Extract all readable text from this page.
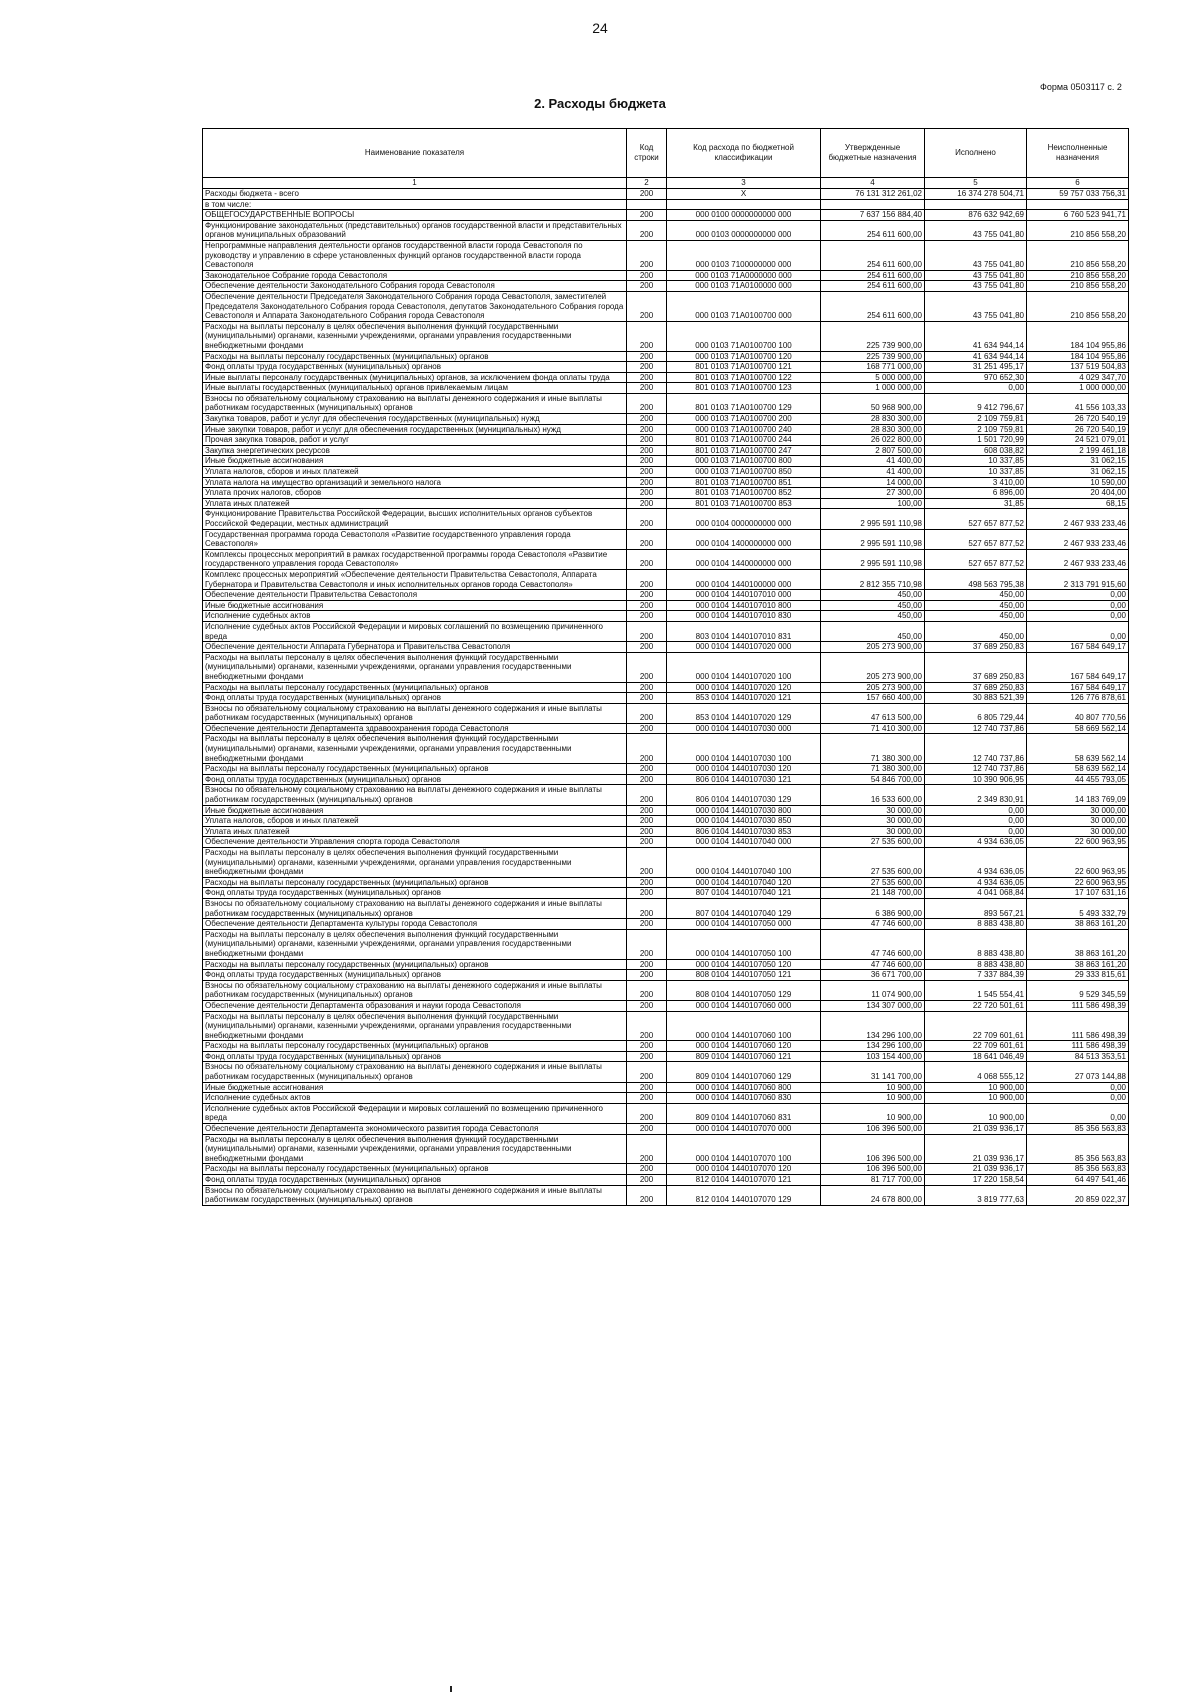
24
Форма 0503117 с. 2
2. Расходы бюджета
Наименование показателя	Код строки	Код расхода по бюджетной классификации	Утвержденные бюджетные назначения	Исполнено	Неисполненные назначения
1	2	3	4	5	6
Расходы бюджета - всего	200	X	76 131 312 261,02	16 374 278 504,71	59 757 033 756,31
в том числе:					
ОБЩЕГОСУДАРСТВЕННЫЕ ВОПРОСЫ	200	000 0100 0000000000 000	7 637 156 884,40	876 632 942,69	6 760 523 941,71
Функционирование законодательных (представительных) органов государственной власти и представительных органов муниципальных образований	200	000 0103 0000000000 000	254 611 600,00	43 755 041,80	210 856 558,20
Непрограммные направления деятельности органов государственной власти города Севастополя по руководству и управлению в сфере установленных функций органов государственной власти города Севастополя	200	000 0103 7100000000 000	254 611 600,00	43 755 041,80	210 856 558,20
Законодательное Собрание города Севастополя	200	000 0103 71А0000000 000	254 611 600,00	43 755 041,80	210 856 558,20
Обеспечение деятельности Законодательного Собрания города Севастополя	200	000 0103 71А0100000 000	254 611 600,00	43 755 041,80	210 856 558,20
Обеспечение деятельности Председателя Законодательного Собрания города Севастополя, заместителей Председателя Законодательного Собрания города Севастополя, депутатов Законодательного Собрания города Севастополя и Аппарата Законодательного Собрания города Севастополя	200	000 0103 71А0100700 000	254 611 600,00	43 755 041,80	210 856 558,20
Расходы на выплаты персоналу в целях обеспечения выполнения функций государственными (муниципальными) органами, казенными учреждениями, органами управления государственными внебюджетными фондами	200	000 0103 71А0100700 100	225 739 900,00	41 634 944,14	184 104 955,86
Расходы на выплаты персоналу государственных (муниципальных) органов	200	000 0103 71А0100700 120	225 739 900,00	41 634 944,14	184 104 955,86
Фонд оплаты труда государственных (муниципальных) органов	200	801 0103 71А0100700 121	168 771 000,00	31 251 495,17	137 519 504,83
Иные выплаты персоналу государственных (муниципальных) органов, за исключением фонда оплаты труда	200	801 0103 71А0100700 122	5 000 000,00	970 652,30	4 029 347,70
Иные выплаты государственных (муниципальных) органов привлекаемым лицам	200	801 0103 71А0100700 123	1 000 000,00	0,00	1 000 000,00
Взносы по обязательному социальному страхованию на выплаты денежного содержания и иные выплаты работникам государственных (муниципальных) органов	200	801 0103 71А0100700 129	50 968 900,00	9 412 796,67	41 556 103,33
Закупка товаров, работ и услуг для обеспечения государственных (муниципальных) нужд	200	000 0103 71А0100700 200	28 830 300,00	2 109 759,81	26 720 540,19
Иные закупки товаров, работ и услуг для обеспечения государственных (муниципальных) нужд	200	000 0103 71А0100700 240	28 830 300,00	2 109 759,81	26 720 540,19
Прочая закупка товаров, работ и услуг	200	801 0103 71А0100700 244	26 022 800,00	1 501 720,99	24 521 079,01
Закупка энергетических ресурсов	200	801 0103 71А0100700 247	2 807 500,00	608 038,82	2 199 461,18
Иные бюджетные ассигнования	200	000 0103 71А0100700 800	41 400,00	10 337,85	31 062,15
Уплата налогов, сборов и иных платежей	200	000 0103 71А0100700 850	41 400,00	10 337,85	31 062,15
Уплата налога на имущество организаций и земельного налога	200	801 0103 71А0100700 851	14 000,00	3 410,00	10 590,00
Уплата прочих налогов, сборов	200	801 0103 71А0100700 852	27 300,00	6 896,00	20 404,00
Уплата иных платежей	200	801 0103 71А0100700 853	100,00	31,85	68,15
Функционирование Правительства Российской Федерации, высших исполнительных органов субъектов Российской Федерации, местных администраций	200	000 0104 0000000000 000	2 995 591 110,98	527 657 877,52	2 467 933 233,46
Государственная программа города Севастополя «Развитие государственного управления города Севастополя»	200	000 0104 1400000000 000	2 995 591 110,98	527 657 877,52	2 467 933 233,46
Комплексы процессных мероприятий в рамках государственной программы города Севастополя «Развитие государственного управления города Севастополя»	200	000 0104 1440000000 000	2 995 591 110,98	527 657 877,52	2 467 933 233,46
Комплекс процессных мероприятий «Обеспечение деятельности Правительства Севастополя, Аппарата Губернатора и Правительства Севастополя и иных исполнительных органов города Севастополя»	200	000 0104 1440100000 000	2 812 355 710,98	498 563 795,38	2 313 791 915,60
Обеспечение деятельности Правительства Севастополя	200	000 0104 1440107010 000	450,00	450,00	0,00
Иные бюджетные ассигнования	200	000 0104 1440107010 800	450,00	450,00	0,00
Исполнение судебных актов	200	000 0104 1440107010 830	450,00	450,00	0,00
Исполнение судебных актов Российской Федерации и мировых соглашений по возмещению причиненного вреда	200	803 0104 1440107010 831	450,00	450,00	0,00
Обеспечение деятельности Аппарата Губернатора и Правительства Севастополя	200	000 0104 1440107020 000	205 273 900,00	37 689 250,83	167 584 649,17
Расходы на выплаты персоналу в целях обеспечения выполнения функций государственными (муниципальными) органами, казенными учреждениями, органами управления государственными внебюджетными фондами	200	000 0104 1440107020 100	205 273 900,00	37 689 250,83	167 584 649,17
Расходы на выплаты персоналу государственных (муниципальных) органов	200	000 0104 1440107020 120	205 273 900,00	37 689 250,83	167 584 649,17
Фонд оплаты труда государственных (муниципальных) органов	200	853 0104 1440107020 121	157 660 400,00	30 883 521,39	126 776 878,61
Взносы по обязательному социальному страхованию на выплаты денежного содержания и иные выплаты работникам государственных (муниципальных) органов	200	853 0104 1440107020 129	47 613 500,00	6 805 729,44	40 807 770,56
Обеспечение деятельности Департамента здравоохранения города Севастополя	200	000 0104 1440107030 000	71 410 300,00	12 740 737,86	58 669 562,14
Расходы на выплаты персоналу в целях обеспечения выполнения функций государственными (муниципальными) органами, казенными учреждениями, органами управления государственными внебюджетными фондами	200	000 0104 1440107030 100	71 380 300,00	12 740 737,86	58 639 562,14
Расходы на выплаты персоналу государственных (муниципальных) органов	200	000 0104 1440107030 120	71 380 300,00	12 740 737,86	58 639 562,14
Фонд оплаты труда государственных (муниципальных) органов	200	806 0104 1440107030 121	54 846 700,00	10 390 906,95	44 455 793,05
Взносы по обязательному социальному страхованию на выплаты денежного содержания и иные выплаты работникам государственных (муниципальных) органов	200	806 0104 1440107030 129	16 533 600,00	2 349 830,91	14 183 769,09
Иные бюджетные ассигнования	200	000 0104 1440107030 800	30 000,00	0,00	30 000,00
Уплата налогов, сборов и иных платежей	200	000 0104 1440107030 850	30 000,00	0,00	30 000,00
Уплата иных платежей	200	806 0104 1440107030 853	30 000,00	0,00	30 000,00
Обеспечение деятельности Управления спорта города Севастополя	200	000 0104 1440107040 000	27 535 600,00	4 934 636,05	22 600 963,95
Расходы на выплаты персоналу в целях обеспечения выполнения функций государственными (муниципальными) органами, казенными учреждениями, органами управления государственными внебюджетными фондами	200	000 0104 1440107040 100	27 535 600,00	4 934 636,05	22 600 963,95
Расходы на выплаты персоналу государственных (муниципальных) органов	200	000 0104 1440107040 120	27 535 600,00	4 934 636,05	22 600 963,95
Фонд оплаты труда государственных (муниципальных) органов	200	807 0104 1440107040 121	21 148 700,00	4 041 068,84	17 107 631,16
Взносы по обязательному социальному страхованию на выплаты денежного содержания и иные выплаты работникам государственных (муниципальных) органов	200	807 0104 1440107040 129	6 386 900,00	893 567,21	5 493 332,79
Обеспечение деятельности Департамента культуры города Севастополя	200	000 0104 1440107050 000	47 746 600,00	8 883 438,80	38 863 161,20
Расходы на выплаты персоналу в целях обеспечения выполнения функций государственными (муниципальными) органами, казенными учреждениями, органами управления государственными внебюджетными фондами	200	000 0104 1440107050 100	47 746 600,00	8 883 438,80	38 863 161,20
Расходы на выплаты персоналу государственных (муниципальных) органов	200	000 0104 1440107050 120	47 746 600,00	8 883 438,80	38 863 161,20
Фонд оплаты труда государственных (муниципальных) органов	200	808 0104 1440107050 121	36 671 700,00	7 337 884,39	29 333 815,61
Взносы по обязательному социальному страхованию на выплаты денежного содержания и иные выплаты работникам государственных (муниципальных) органов	200	808 0104 1440107050 129	11 074 900,00	1 545 554,41	9 529 345,59
Обеспечение деятельности Департамента образования и науки города Севастополя	200	000 0104 1440107060 000	134 307 000,00	22 720 501,61	111 586 498,39
Расходы на выплаты персоналу в целях обеспечения выполнения функций государственными (муниципальными) органами, казенными учреждениями, органами управления государственными внебюджетными фондами	200	000 0104 1440107060 100	134 296 100,00	22 709 601,61	111 586 498,39
Расходы на выплаты персоналу государственных (муниципальных) органов	200	000 0104 1440107060 120	134 296 100,00	22 709 601,61	111 586 498,39
Фонд оплаты труда государственных (муниципальных) органов	200	809 0104 1440107060 121	103 154 400,00	18 641 046,49	84 513 353,51
Взносы по обязательному социальному страхованию на выплаты денежного содержания и иные выплаты работникам государственных (муниципальных) органов	200	809 0104 1440107060 129	31 141 700,00	4 068 555,12	27 073 144,88
Иные бюджетные ассигнования	200	000 0104 1440107060 800	10 900,00	10 900,00	0,00
Исполнение судебных актов	200	000 0104 1440107060 830	10 900,00	10 900,00	0,00
Исполнение судебных актов Российской Федерации и мировых соглашений по возмещению причиненного вреда	200	809 0104 1440107060 831	10 900,00	10 900,00	0,00
Обеспечение деятельности Департамента экономического развития города Севастополя	200	000 0104 1440107070 000	106 396 500,00	21 039 936,17	85 356 563,83
Расходы на выплаты персоналу в целях обеспечения выполнения функций государственными (муниципальными) органами, казенными учреждениями, органами управления государственными внебюджетными фондами	200	000 0104 1440107070 100	106 396 500,00	21 039 936,17	85 356 563,83
Расходы на выплаты персоналу государственных (муниципальных) органов	200	000 0104 1440107070 120	106 396 500,00	21 039 936,17	85 356 563,83
Фонд оплаты труда государственных (муниципальных) органов	200	812 0104 1440107070 121	81 717 700,00	17 220 158,54	64 497 541,46
Взносы по обязательному социальному страхованию на выплаты денежного содержания и иные выплаты работникам государственных (муниципальных) органов	200	812 0104 1440107070 129	24 678 800,00	3 819 777,63	20 859 022,37
